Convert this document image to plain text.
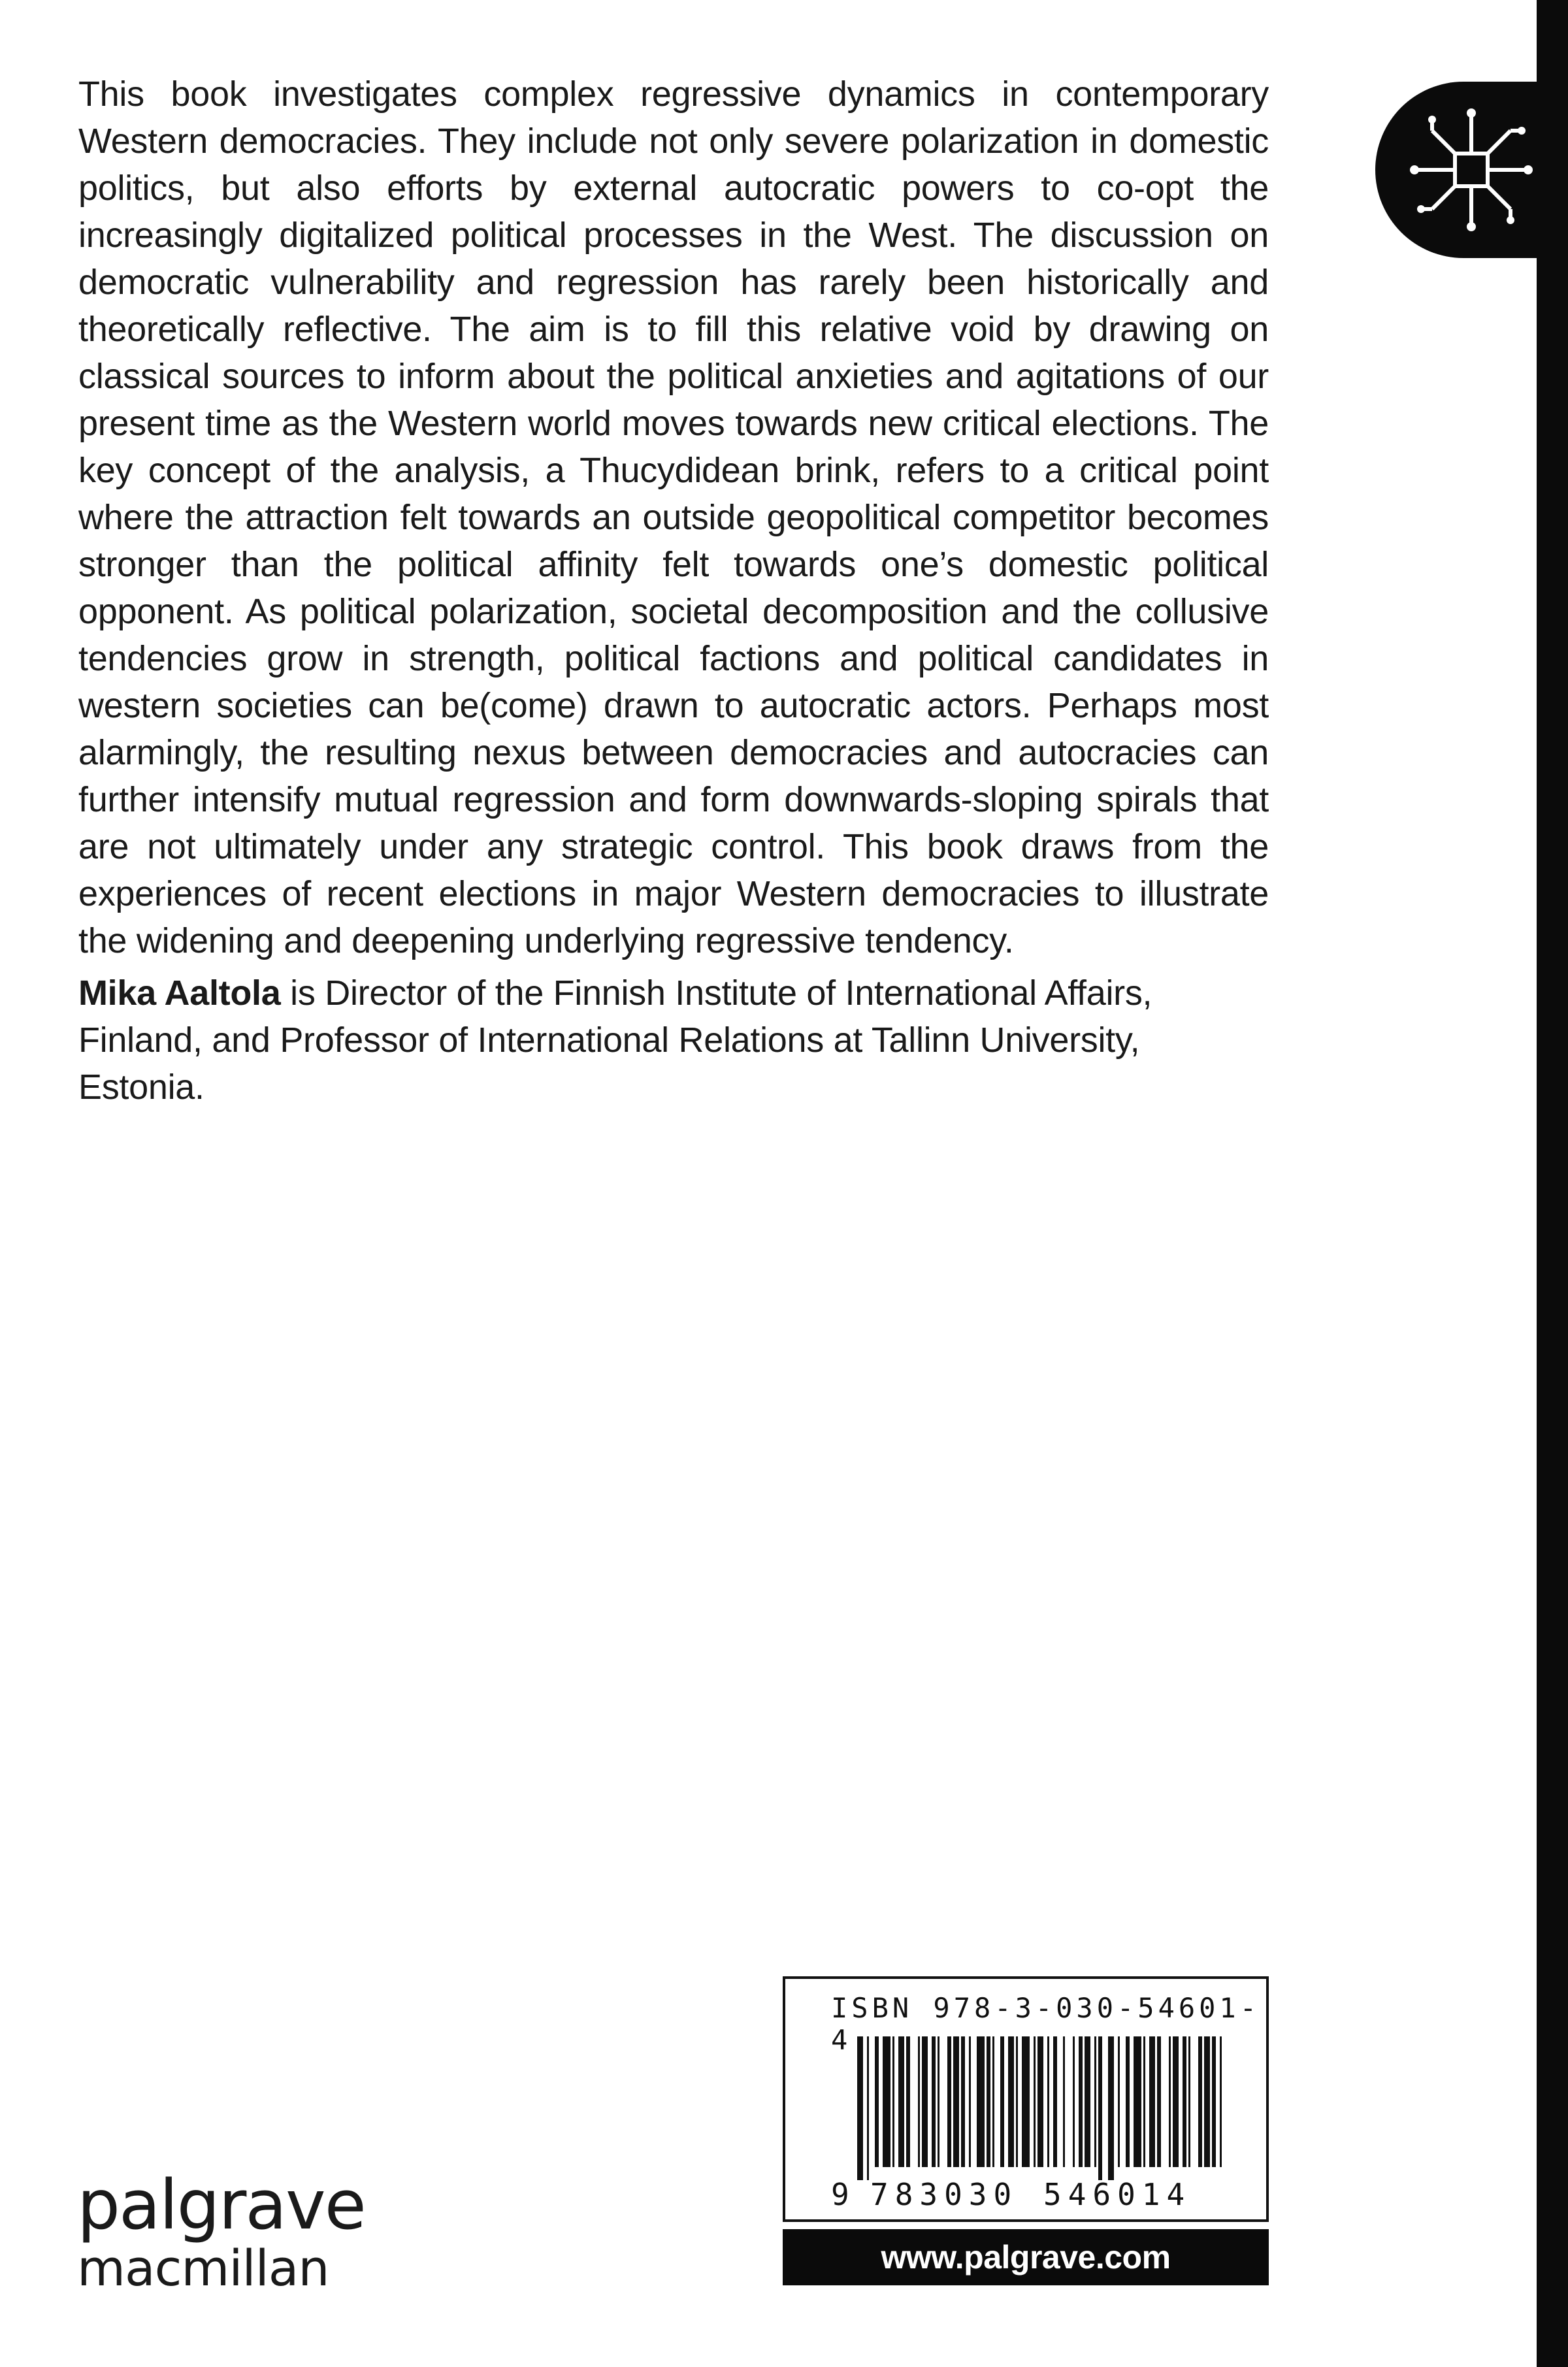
This book investigates complex regressive dynamics in contemporary Western democracies. They include not only severe polarization in domestic politics, but also efforts by external autocratic powers to co-opt the increasingly digitalized political processes in the West. The discussion on democratic vulnerability and regression has rarely been historically and theoretically reflective. The aim is to fill this relative void by drawing on classical sources to inform about the political anxieties and agitations of our present time as the Western world moves towards new critical elections. The key concept of the analysis, a Thucydidean brink, refers to a critical point where the attraction felt towards an outside geopolitical competitor becomes stronger than the political affinity felt towards one’s domestic political opponent. As political polarization, societal decomposition and the collusive tendencies grow in strength, political factions and political candidates in western societies can be(come) drawn to autocratic actors. Perhaps most alarmingly, the resulting nexus between democracies and autocracies can further intensify mutual regression and form downwards-sloping spirals that are not ultimately under any strategic control. This book draws from the experiences of recent elections in major Western democracies to illustrate the widening and deepening underlying regressive tendency.

Mika Aaltola is Director of the Finnish Institute of International Affairs, Finland, and Professor of International Relations at Tallinn University, Estonia.

palgrave
macmillan
ISBN 978-3-030-54601-4
9 783030 546014
www.palgrave.com
